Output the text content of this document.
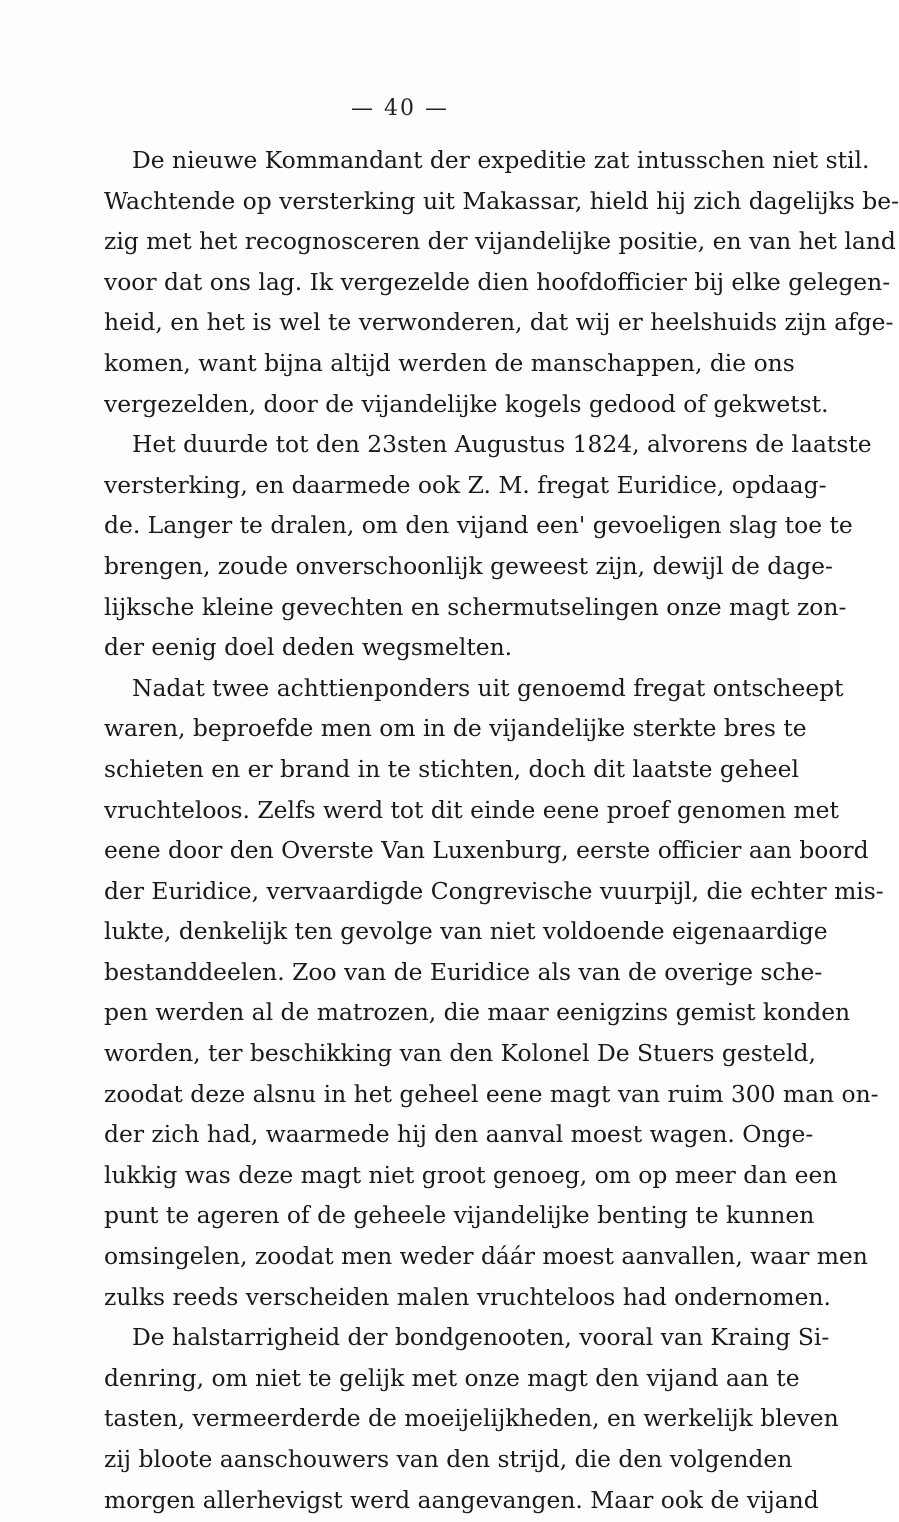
— 40 —
De nieuwe Kommandant der expeditie zat intusschen niet stil.
Wachtende op versterking uit Makassar, hield hij zich dagelijks be-
zig met het recognosceren der vijandelijke positie, en van het land
voor dat ons lag. Ik vergezelde dien hoofdofficier bij elke gelegen-
heid, en het is wel te verwonderen, dat wij er heelshuids zijn afge-
komen, want bijna altijd werden de manschappen, die ons
vergezelden, door de vijandelijke kogels gedood of gekwetst.
Het duurde tot den 23sten Augustus 1824, alvorens de laatste
versterking, en daarmede ook Z. M. fregat Euridice, opdaag-
de. Langer te dralen, om den vijand een' gevoeligen slag toe te
brengen, zoude onverschoonlijk geweest zijn, dewijl de dage-
lijksche kleine gevechten en schermutselingen onze magt zon-
der eenig doel deden wegsmelten.
Nadat twee achttienponders uit genoemd fregat ontscheept
waren, beproefde men om in de vijandelijke sterkte bres te
schieten en er brand in te stichten, doch dit laatste geheel
vruchteloos. Zelfs werd tot dit einde eene proef genomen met
eene door den Overste Van Luxenburg, eerste officier aan boord
der Euridice, vervaardigde Congrevische vuurpijl, die echter mis-
lukte, denkelijk ten gevolge van niet voldoende eigenaardige
bestanddeelen. Zoo van de Euridice als van de overige sche-
pen werden al de matrozen, die maar eenigzins gemist konden
worden, ter beschikking van den Kolonel De Stuers gesteld,
zoodat deze alsnu in het geheel eene magt van ruim 300 man on-
der zich had, waarmede hij den aanval moest wagen. Onge-
lukkig was deze magt niet groot genoeg, om op meer dan een
punt te ageren of de geheele vijandelijke benting te kunnen
omsingelen, zoodat men weder dáár moest aanvallen, waar men
zulks reeds verscheiden malen vruchteloos had ondernomen.
De halstarrigheid der bondgenooten, vooral van Kraing Si-
denring, om niet te gelijk met onze magt den vijand aan te
tasten, vermeerderde de moeijelijkheden, en werkelijk bleven
zij bloote aanschouwers van den strijd, die den volgenden
morgen allerhevigst werd aangevangen. Maar ook de vijand
